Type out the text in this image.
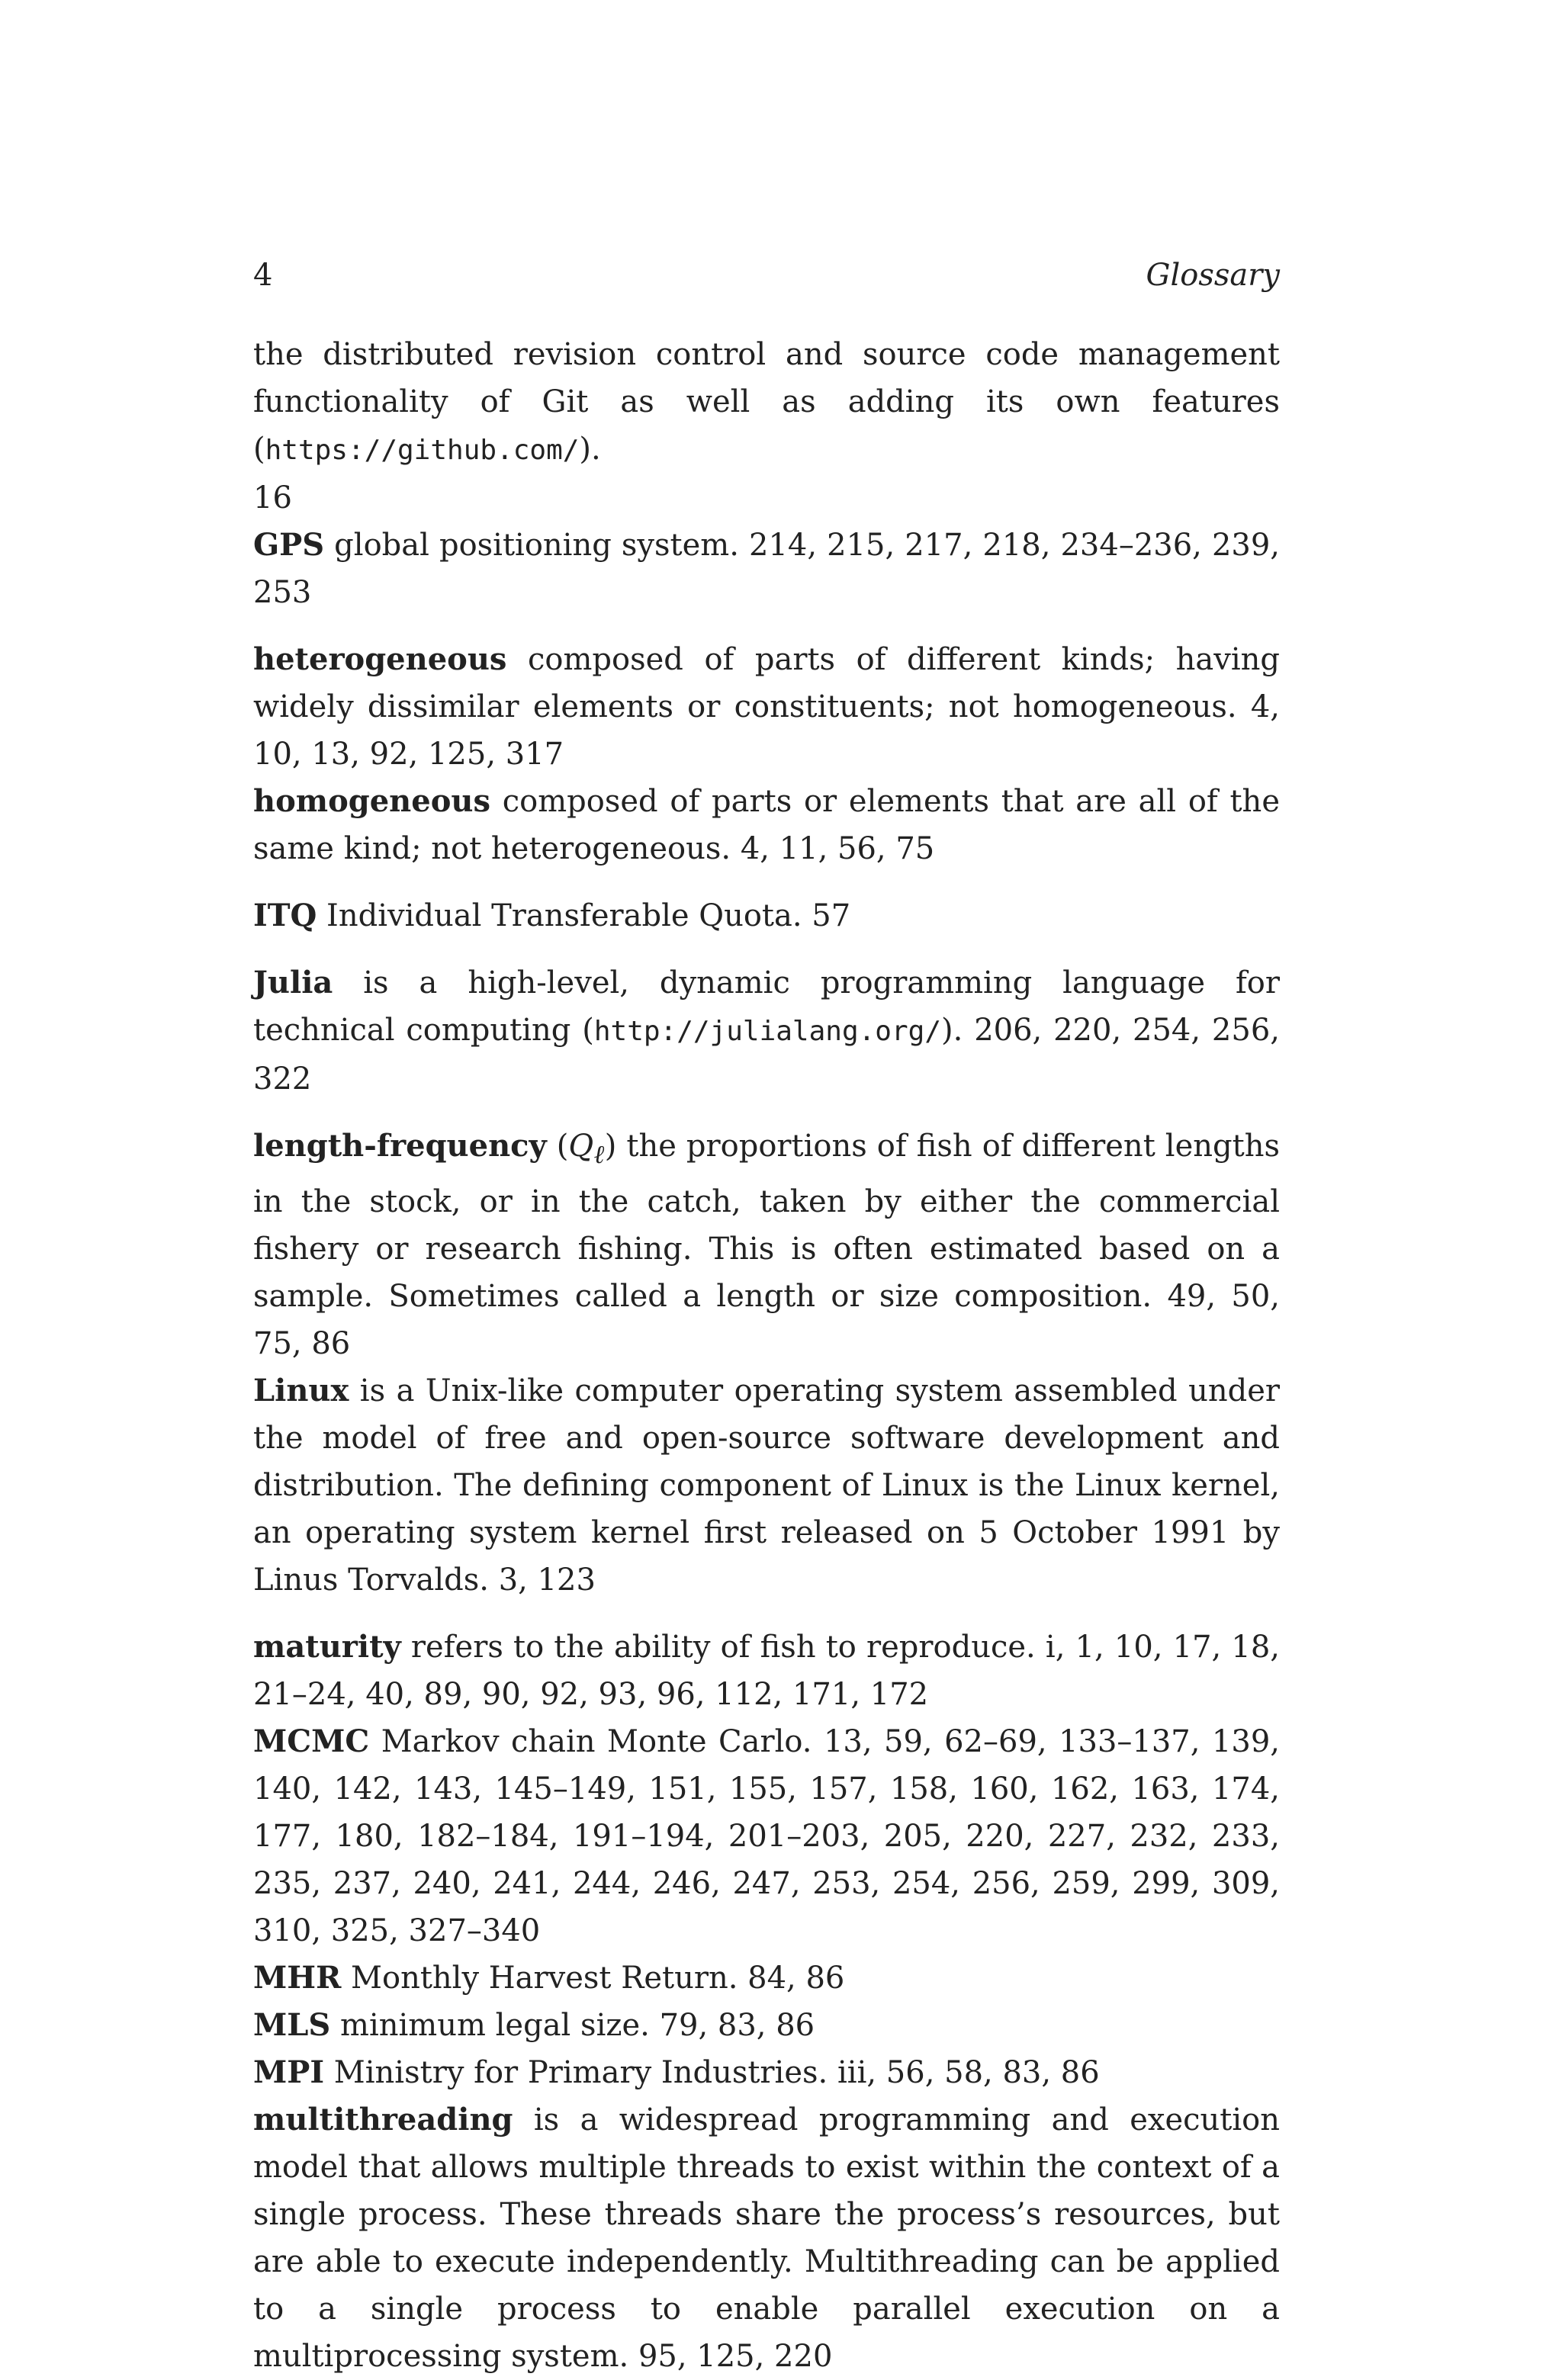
4	Glossary

the distributed revision control and source code management functionality of Git as well as adding its own features (https://github.com/).
16

GPS global positioning system. 214, 215, 217, 218, 234–236, 239, 253

heterogeneous composed of parts of different kinds; having widely dissimilar elements or constituents; not homogeneous. 4, 10, 13, 92, 125, 317

homogeneous composed of parts or elements that are all of the same kind; not heterogeneous. 4, 11, 56, 75

ITQ Individual Transferable Quota. 57

Julia is a high-level, dynamic programming language for technical computing (http://julialang.org/). 206, 220, 254, 256, 322

length-frequency $(Q_\ell)$ the proportions of fish of different lengths in the stock, or in the catch, taken by either the commercial fishery or research fishing. This is often estimated based on a sample. Sometimes called a length or size composition. 49, 50, 75, 86

Linux is a Unix-like computer operating system assembled under the model of free and open-source software development and distribution. The defining component of Linux is the Linux kernel, an operating system kernel first released on 5 October 1991 by Linus Torvalds. 3, 123

maturity refers to the ability of fish to reproduce. i, 1, 10, 17, 18, 21–24, 40, 89, 90, 92, 93, 96, 112, 171, 172

MCMC Markov chain Monte Carlo. 13, 59, 62–69, 133–137, 139, 140, 142, 143, 145–149, 151, 155, 157, 158, 160, 162, 163, 174, 177, 180, 182–184, 191–194, 201–203, 205, 220, 227, 232, 233, 235, 237, 240, 241, 244, 246, 247, 253, 254, 256, 259, 299, 309, 310, 325, 327–340

MHR Monthly Harvest Return. 84, 86

MLS minimum legal size. 79, 83, 86

MPI Ministry for Primary Industries. iii, 56, 58, 83, 86

multithreading is a widespread programming and execution model that allows multiple threads to exist within the context of a single process. These threads share the process’s resources, but are able to execute independently. Multithreading can be applied to a single process to enable parallel execution on a multiprocessing system. 95, 125, 220
